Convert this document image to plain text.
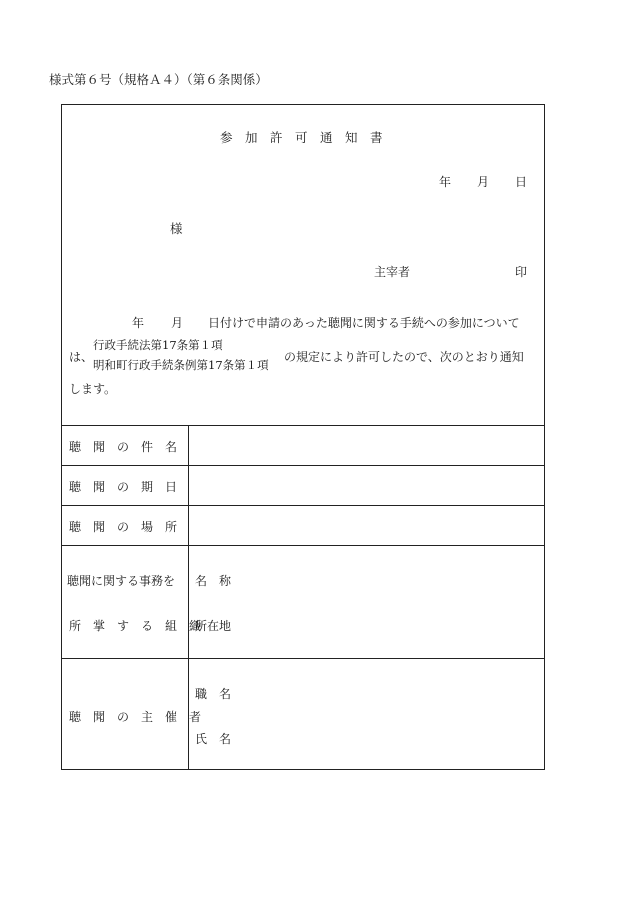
様式第６号（規格Ａ４）（第６条関係）
参　加　許　可　通　知　書
年 月 日
様
主宰者	印
年 月 日付けで申請のあった聴聞に関する手続への参加について
は、
行政手続法第17条第１項
明和町行政手続条例第17条第１項
の規定により許可したので、次のとおり通知
します。
聴　聞　の　件　名
聴　聞　の　期　日
聴　聞　の　場　所
聴聞に関する事務を
所　掌　す　る　組　織
名　称
所在地
聴　聞　の　主　催　者
職　名
氏　名
